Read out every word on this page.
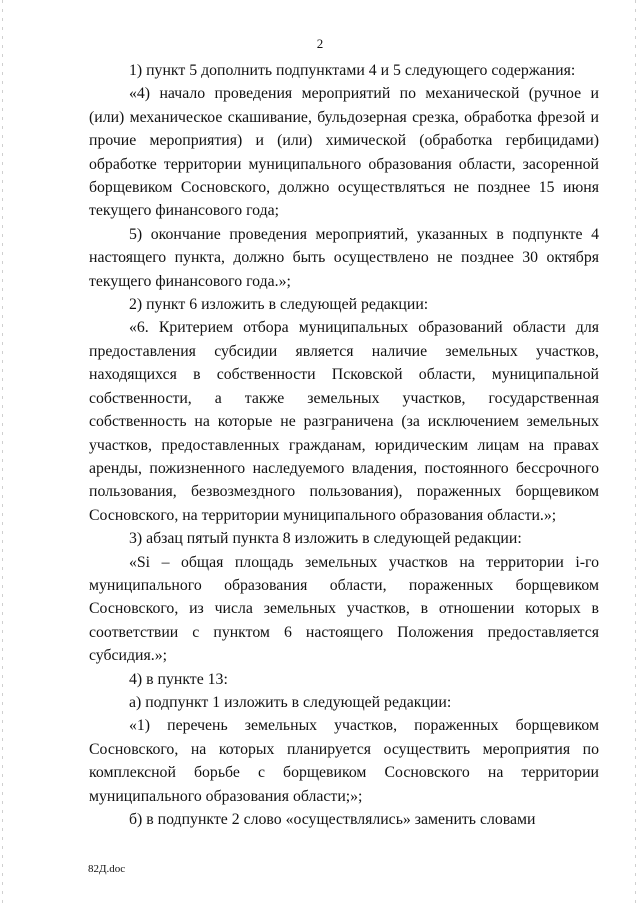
2

1) пункт 5 дополнить подпунктами 4 и 5 следующего содержания:

«4) начало проведения мероприятий по механической (ручное и (или) механическое скашивание, бульдозерная срезка, обработка фрезой и прочие мероприятия) и (или) химической (обработка гербицидами) обработке территории муниципального образования области, засоренной борщевиком Сосновского, должно осуществляться не позднее 15 июня текущего финансового года;

5) окончание проведения мероприятий, указанных в подпункте 4 настоящего пункта, должно быть осуществлено не позднее 30 октября текущего финансового года.»;

2) пункт 6 изложить в следующей редакции:

«6. Критерием отбора муниципальных образований области для предоставления субсидии является наличие земельных участков, находящихся в собственности Псковской области, муниципальной собственности, а также земельных участков, государственная собственность на которые не разграничена (за исключением земельных участков, предоставленных гражданам, юридическим лицам на правах аренды, пожизненного наследуемого владения, постоянного бессрочного пользования, безвозмездного пользования), пораженных борщевиком Сосновского, на территории муниципального образования области.»;

3) абзац пятый пункта 8 изложить в следующей редакции:

«Si – общая площадь земельных участков на территории i-го муниципального образования области, пораженных борщевиком Сосновского, из числа земельных участков, в отношении которых в соответствии с пунктом 6 настоящего Положения предоставляется субсидия.»;

4) в пункте 13:

а) подпункт 1 изложить в следующей редакции:

«1) перечень земельных участков, пораженных борщевиком Сосновского, на которых планируется осуществить мероприятия по комплексной борьбе с борщевиком Сосновского на территории муниципального образования области;»;

б) в подпункте 2 слово «осуществлялись» заменить словами

82Д.doc
